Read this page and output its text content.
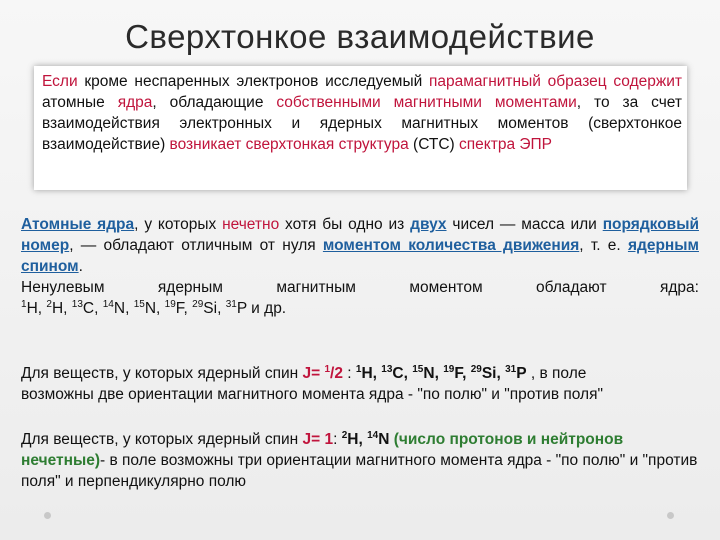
Сверхтонкое взаимодействие
Если кроме неспаренных электронов исследуемый парамагнитный образец содержит атомные ядра, обладающие собственными магнитными моментами, то за счет взаимодействия электронных и ядерных магнитных моментов (сверхтонкое взаимодействие) возникает сверхтонкая структура (СТС) спектра ЭПР
Атомные ядра, у которых нечетно хотя бы одно из двух чисел — масса или порядковый номер, — обладают отличным от нуля моментом количества движения, т. е. ядерным спином.
Ненулевым	ядерным	магнитным	моментом	обладают	ядра:
$^1$H, $^2$H, $^{13}$C, $^{14}$N, $^{15}$N, $^{19}$F, $^{29}$Si, $^{31}$P и др.
Для веществ, у которых ядерный спин J= $^1$/2 : $^1$H, $^{13}$C, $^{15}$N, $^{19}$F, $^{29}$Si, $^{31}$P , в поле
возможны две ориентации магнитного момента ядра - "по полю" и "против поля"
Для веществ, у которых ядерный спин J= 1: $^2$H, $^{14}$N (число протонов и нейтронов нечетные)- в поле возможны три ориентации магнитного момента ядра - "по полю" и "против поля" и перпендикулярно полю
